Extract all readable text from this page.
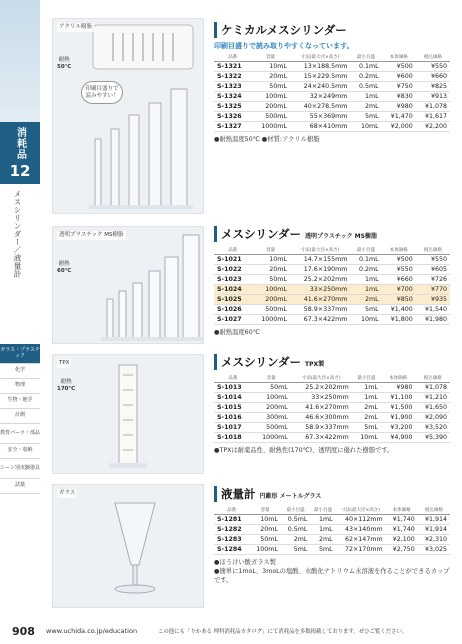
消耗品
12
メスシリンダー／液量計
ガラス・プラスチック
化学
物理
生物・地学
計測
教育パーツ・部品
安全・収納
シーン別実験器具
試薬
アクリル樹脂
耐熱
50℃
印刷目盛りで読みやすい！
透明プラスチック MS樹脂
耐熱
60℃
TPX
耐熱
170℃
ガラス
ケミカルメスシリンダー
印刷目盛りで読み取りやすくなっています。
品番	容量	寸法(最大径×高さ)	最小目盛	本体価格	税込価格
S-1321	10mL	13×188.5mm	0.1mL	¥500	¥550
S-1322	20mL	15×229.5mm	0.2mL	¥600	¥660
S-1323	50mL	24×240.5mm	0.5mL	¥750	¥825
S-1324	100mL	32×249mm	1mL	¥830	¥913
S-1325	200mL	40×278.5mm	2mL	¥980	¥1,078
S-1326	500mL	55×369mm	5mL	¥1,470	¥1,617
S-1327	1000mL	68×410mm	10mL	¥2,000	¥2,200
●耐熱温度50℃ ●材質:アクリル樹脂
メスシリンダー 透明プラスチック MS樹脂
品番	容量	寸法(最大径×高さ)	最小目盛	本体価格	税込価格
S-1021	10mL	14.7×155mm	0.1mL	¥500	¥550
S-1022	20mL	17.6×190mm	0.2mL	¥550	¥605
S-1023	50mL	25.2×202mm	1mL	¥660	¥726
S-1024	100mL	33×250mm	1mL	¥700	¥770
S-1025	200mL	41.6×270mm	2mL	¥850	¥935
S-1026	500mL	58.9×337mm	5mL	¥1,400	¥1,540
S-1027	1000mL	67.3×422mm	10mL	¥1,800	¥1,980
●耐熱温度60℃
メスシリンダー TPX製
品番	容量	寸法(最大径×高さ)	最小目盛	本体価格	税込価格
S-1013	50mL	25.2×202mm	1mL	¥980	¥1,078
S-1014	100mL	33×250mm	1mL	¥1,100	¥1,210
S-1015	200mL	41.6×270mm	2mL	¥1,500	¥1,650
S-1016	300mL	46.6×300mm	2mL	¥1,900	¥2,090
S-1017	500mL	58.9×337mm	5mL	¥3,200	¥3,520
S-1018	1000mL	67.3×422mm	10mL	¥4,900	¥5,390
●TPXは耐薬品性、耐熱性(170℃)、透明度に優れた樹脂です。
液量計 円錐形 メートルグラス
品番	容量	最小目盛	最小目盛	寸法(最大径×高さ)	本体価格	税込価格
S-1281	10mL	0.5mL	1mL	40×112mm	¥1,740	¥1,914
S-1282	20mL	0.5mL	1mL	43×140mm	¥1,740	¥1,914
S-1283	50mL	2mL	2mL	62×147mm	¥2,100	¥2,310
S-1284	100mL	5mL	5mL	72×170mm	¥2,750	¥3,025
●ほうけい酸ガラス製
●簡単に1moL、3moLの塩酸、水酸化ナトリウム水溶液を作ることができるカップです。
908	www.uchida.co.jp/education	この他にも「りかある 理科消耗品カタログ」にて消耗品を多数掲載しております。ぜひご覧ください。
